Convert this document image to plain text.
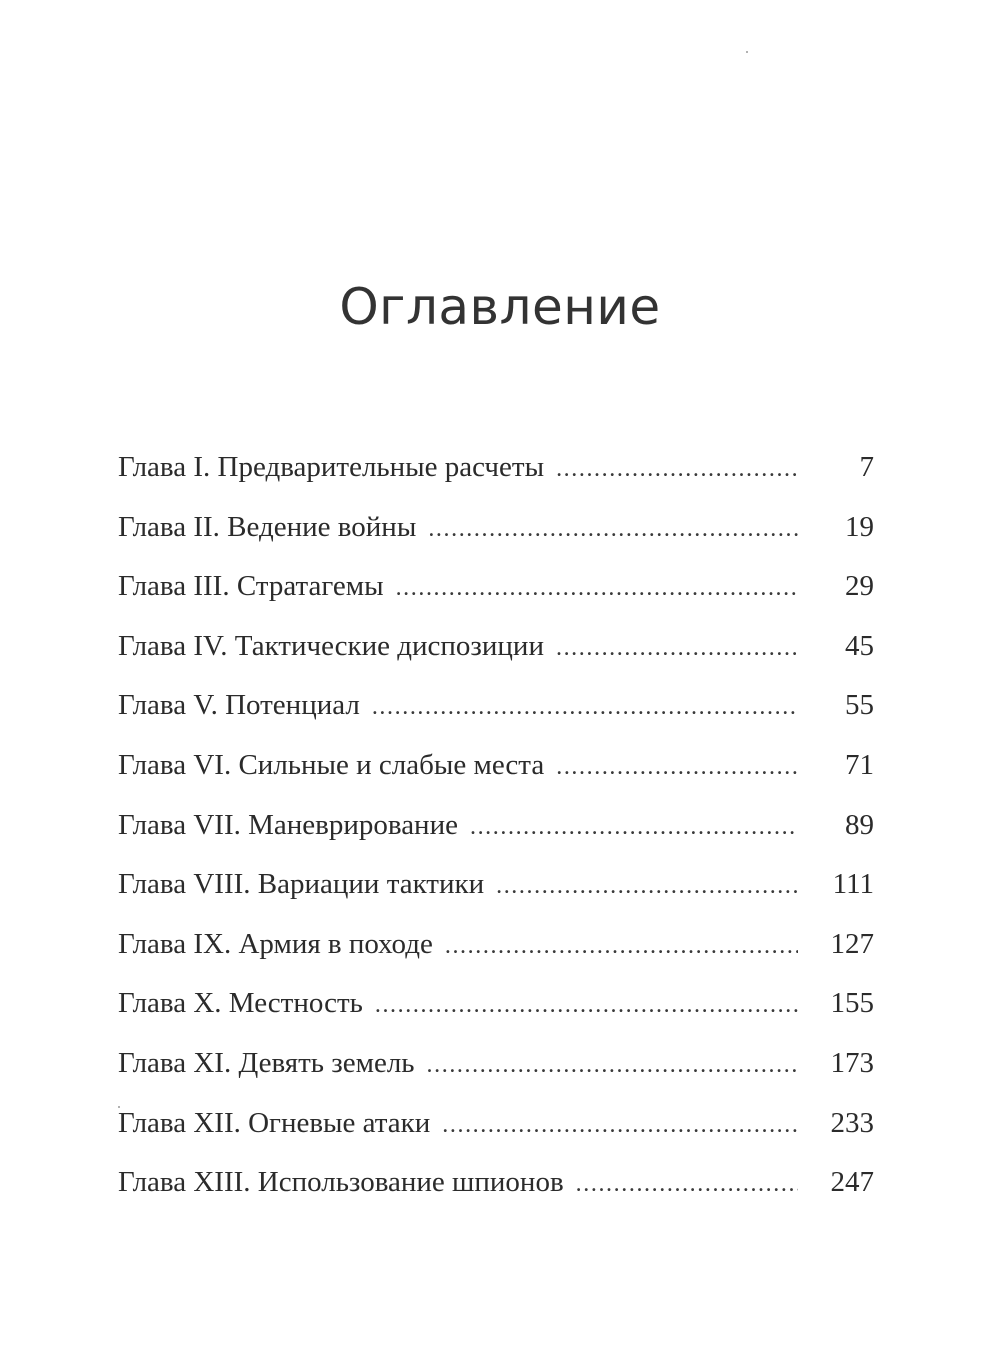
Оглавление
Глава I. Предварительные расчеты .....	7
Глава II. Ведение войны .....	19
Глава III. Стратагемы .....	29
Глава IV. Тактические диспозиции .....	45
Глава V. Потенциал .....	55
Глава VI. Сильные и слабые места .....	71
Глава VII. Маневрирование .....	89
Глава VIII. Вариации тактики .....	111
Глава IX. Армия в походе .....	127
Глава X. Местность .....	155
Глава XI. Девять земель .....	173
Глава XII. Огневые атаки .....	233
Глава XIII. Использование шпионов .....	247
